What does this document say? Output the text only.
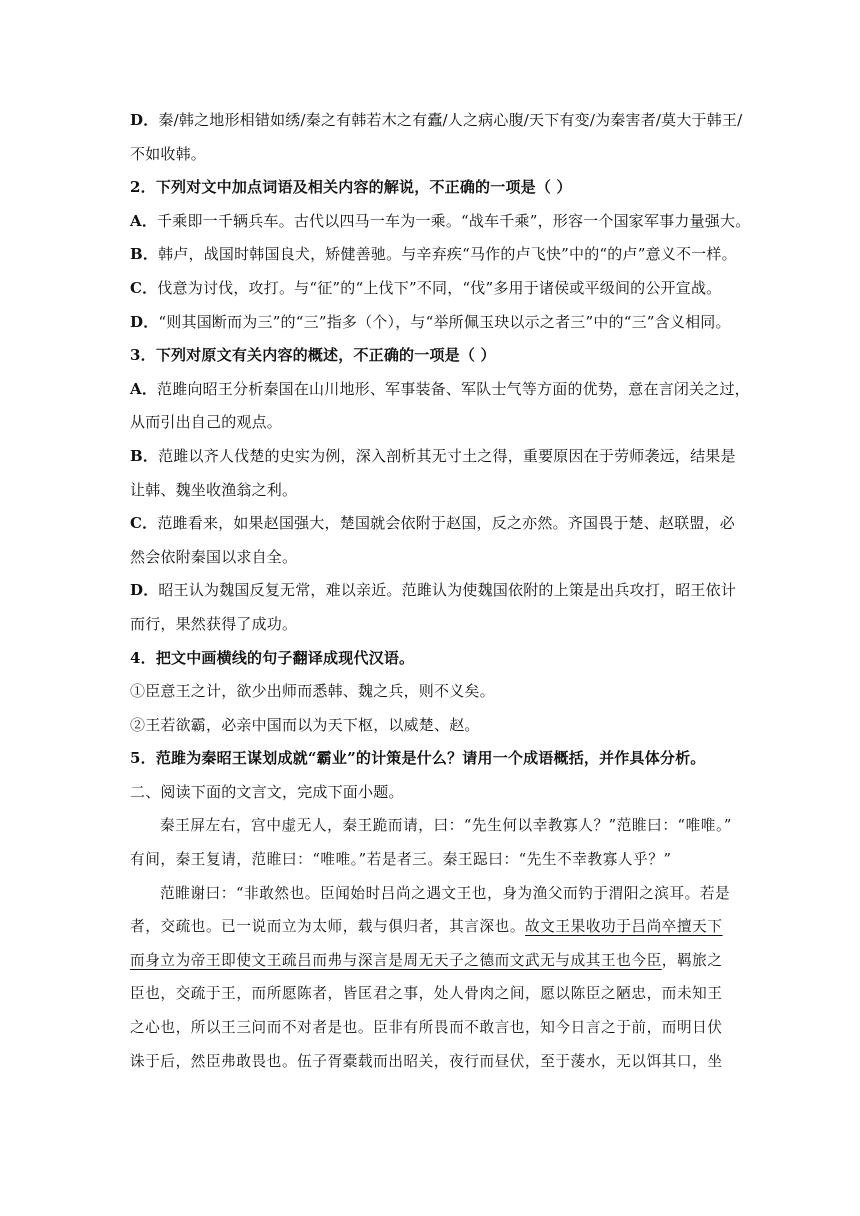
D．秦/韩之地形相错如绣/秦之有韩若木之有蠹/人之病心腹/天下有变/为秦害者/莫大于韩王/
不如收韩。
2．下列对文中加点词语及相关内容的解说，不正确的一项是（ ）
A．千乘即一千辆兵车。古代以四马一车为一乘。“战车千乘”，形容一个国家军事力量强大。
B．韩卢，战国时韩国良犬，矫健善驰。与辛弃疾“马作的卢飞快”中的“的卢”意义不一样。
C．伐意为讨伐，攻打。与“征”的“上伐下”不同，“伐”多用于诸侯或平级间的公开宣战。
D．“则其国断而为三”的“三”指多（个），与“举所佩玉玦以示之者三”中的“三”含义相同。
3．下列对原文有关内容的概述，不正确的一项是（ ）
A．范雎向昭王分析秦国在山川地形、军事装备、军队士气等方面的优势，意在言闭关之过，
从而引出自己的观点。
B．范雎以齐人伐楚的史实为例，深入剖析其无寸土之得，重要原因在于劳师袭远，结果是
让韩、魏坐收渔翁之利。
C．范雎看来，如果赵国强大，楚国就会依附于赵国，反之亦然。齐国畏于楚、赵联盟，必
然会依附秦国以求自全。
D．昭王认为魏国反复无常，难以亲近。范雎认为使魏国依附的上策是出兵攻打，昭王依计
而行，果然获得了成功。
4．把文中画横线的句子翻译成现代汉语。
①臣意王之计，欲少出师而悉韩、魏之兵，则不义矣。
②王若欲霸，必亲中国而以为天下枢，以威楚、赵。
5．范雎为秦昭王谋划成就“霸业”的计策是什么？请用一个成语概括，并作具体分析。
二、阅读下面的文言文，完成下面小题。
秦王屏左右，宫中虚无人，秦王跪而请，曰：“先生何以幸教寡人？”范睢曰：“唯唯。”
有间，秦王复请，范睢曰：“唯唯。”若是者三。秦王跽曰：“先生不幸教寡人乎？”
范睢谢曰：“非敢然也。臣闻始时吕尚之遇文王也，身为渔父而钓于渭阳之滨耳。若是
者，交疏也。已一说而立为太师，载与俱归者，其言深也。故文王果收功于吕尚卒擅天下
而身立为帝王即使文王疏吕而弗与深言是周无天子之德而文武无与成其王也今臣，羁旅之
臣也，交疏于王，而所愿陈者，皆匡君之事，处人骨肉之间，愿以陈臣之陋忠，而未知王
之心也，所以王三问而不对者是也。臣非有所畏而不敢言也，知今日言之于前，而明日伏
诛于后，然臣弗敢畏也。伍子胥橐载而出昭关，夜行而昼伏，至于蔆水，无以饵其口，坐
